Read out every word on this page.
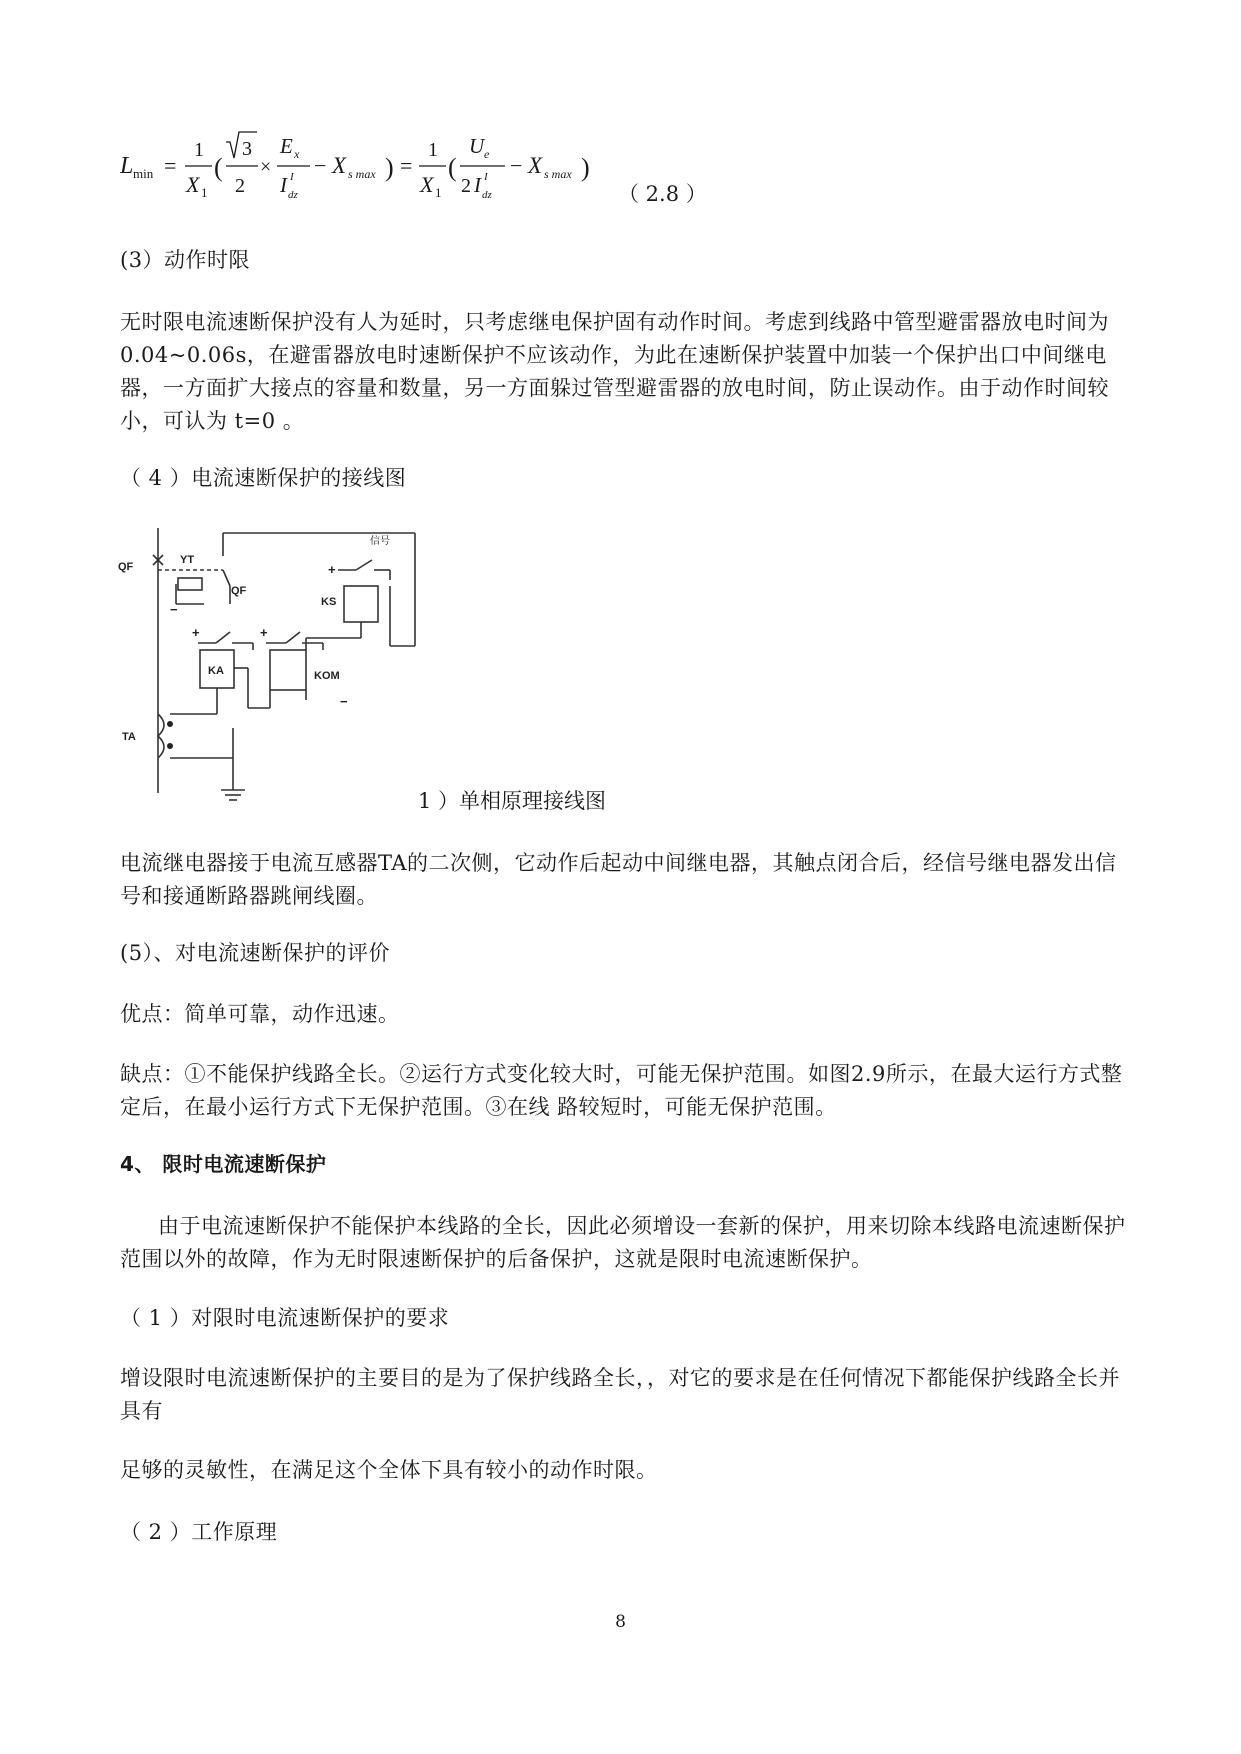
L min =
1
X 1
(
3
2
×
E x
I I
dz
− X s max ) =
1
X 1
(
U e
2 I I
dz
− X s max )
（ 2.8 ）

(3）动作时限

无时限电流速断保护没有人为延时，只考虑继电保护固有动作时间。考虑到线路中管型避雷器放电时间为0.04~0.06s，在避雷器放电时速断保护不应该动作，为此在速断保护装置中加装一个保护出口中间继电器，一方面扩大接点的容量和数量，另一方面躲过管型避雷器的放电时间，防止误动作。由于动作时间较小，可认为 t=0 。

（ 4 ）电流速断保护的接线图

QF
YT
QF
信号
KS
KA	KOM
TA
+
+	+
−
−
1 ）单相原理接线图

电流继电器接于电流互感器TA的二次侧，它动作后起动中间继电器，其触点闭合后，经信号继电器发出信号和接通断路器跳闸线圈。

(5）、对电流速断保护的评价

优点：简单可靠，动作迅速。

缺点：①不能保护线路全长。②运行方式变化较大时，可能无保护范围。如图2.9所示，在最大运行方式整定后，在最小运行方式下无保护范围。③在线 路较短时，可能无保护范围。

4、 限时电流速断保护

由于电流速断保护不能保护本线路的全长，因此必须增设一套新的保护，用来切除本线路电流速断保护范围以外的故障，作为无时限速断保护的后备保护，这就是限时电流速断保护。

（ 1 ）对限时电流速断保护的要求

增设限时电流速断保护的主要目的是为了保护线路全长，，对它的要求是在任何情况下都能保护线路全长并具有

足够的灵敏性，在满足这个全体下具有较小的动作时限。

（ 2 ）工作原理

8
